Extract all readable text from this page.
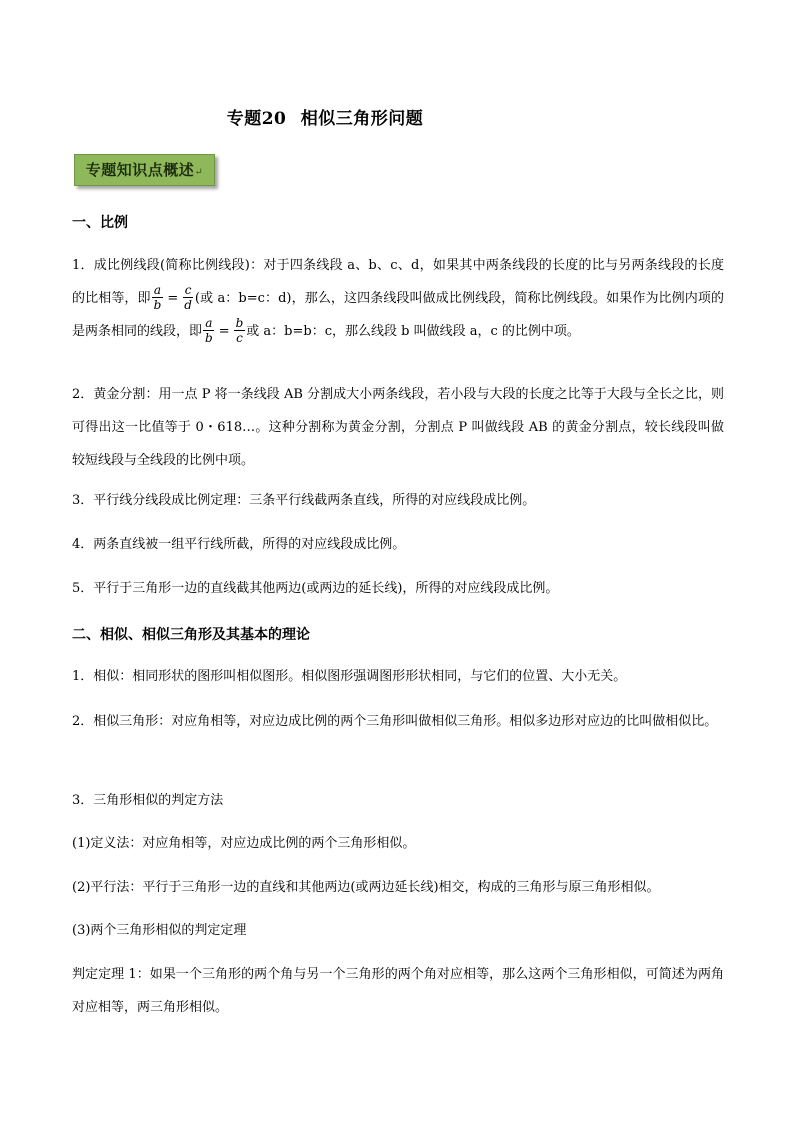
专题20 相似三角形问题
专题知识点概述↵
一、比例
1．成比例线段(简称比例线段)：对于四条线段 a、b、c、d，如果其中两条线段的长度的比与另两条线段的长度的比相等，即 $\frac{a}{b} = \frac{c}{d}$ (或 a：b=c：d)，那么，这四条线段叫做成比例线段，简称比例线段。如果作为比例内项的是两条相同的线段，即 $\frac{a}{b} = \frac{b}{c}$ 或 a：b=b：c，那么线段 b 叫做线段 a，c 的比例中项。
2．黄金分割：用一点 P 将一条线段 AB 分割成大小两条线段，若小段与大段的长度之比等于大段与全长之比，则可得出这一比值等于 0・618…。这种分割称为黄金分割，分割点 P 叫做线段 AB 的黄金分割点，较长线段叫做较短线段与全线段的比例中项。
3．平行线分线段成比例定理：三条平行线截两条直线，所得的对应线段成比例。
4．两条直线被一组平行线所截，所得的对应线段成比例。
5．平行于三角形一边的直线截其他两边(或两边的延长线)，所得的对应线段成比例。
二、相似、相似三角形及其基本的理论
1．相似：相同形状的图形叫相似图形。相似图形强调图形形状相同，与它们的位置、大小无关。
2．相似三角形：对应角相等，对应边成比例的两个三角形叫做相似三角形。相似多边形对应边的比叫做相似比。
3．三角形相似的判定方法
(1)定义法：对应角相等，对应边成比例的两个三角形相似。
(2)平行法：平行于三角形一边的直线和其他两边(或两边延长线)相交，构成的三角形与原三角形相似。
(3)两个三角形相似的判定定理
判定定理 1：如果一个三角形的两个角与另一个三角形的两个角对应相等，那么这两个三角形相似，可简述为两角对应相等，两三角形相似。
